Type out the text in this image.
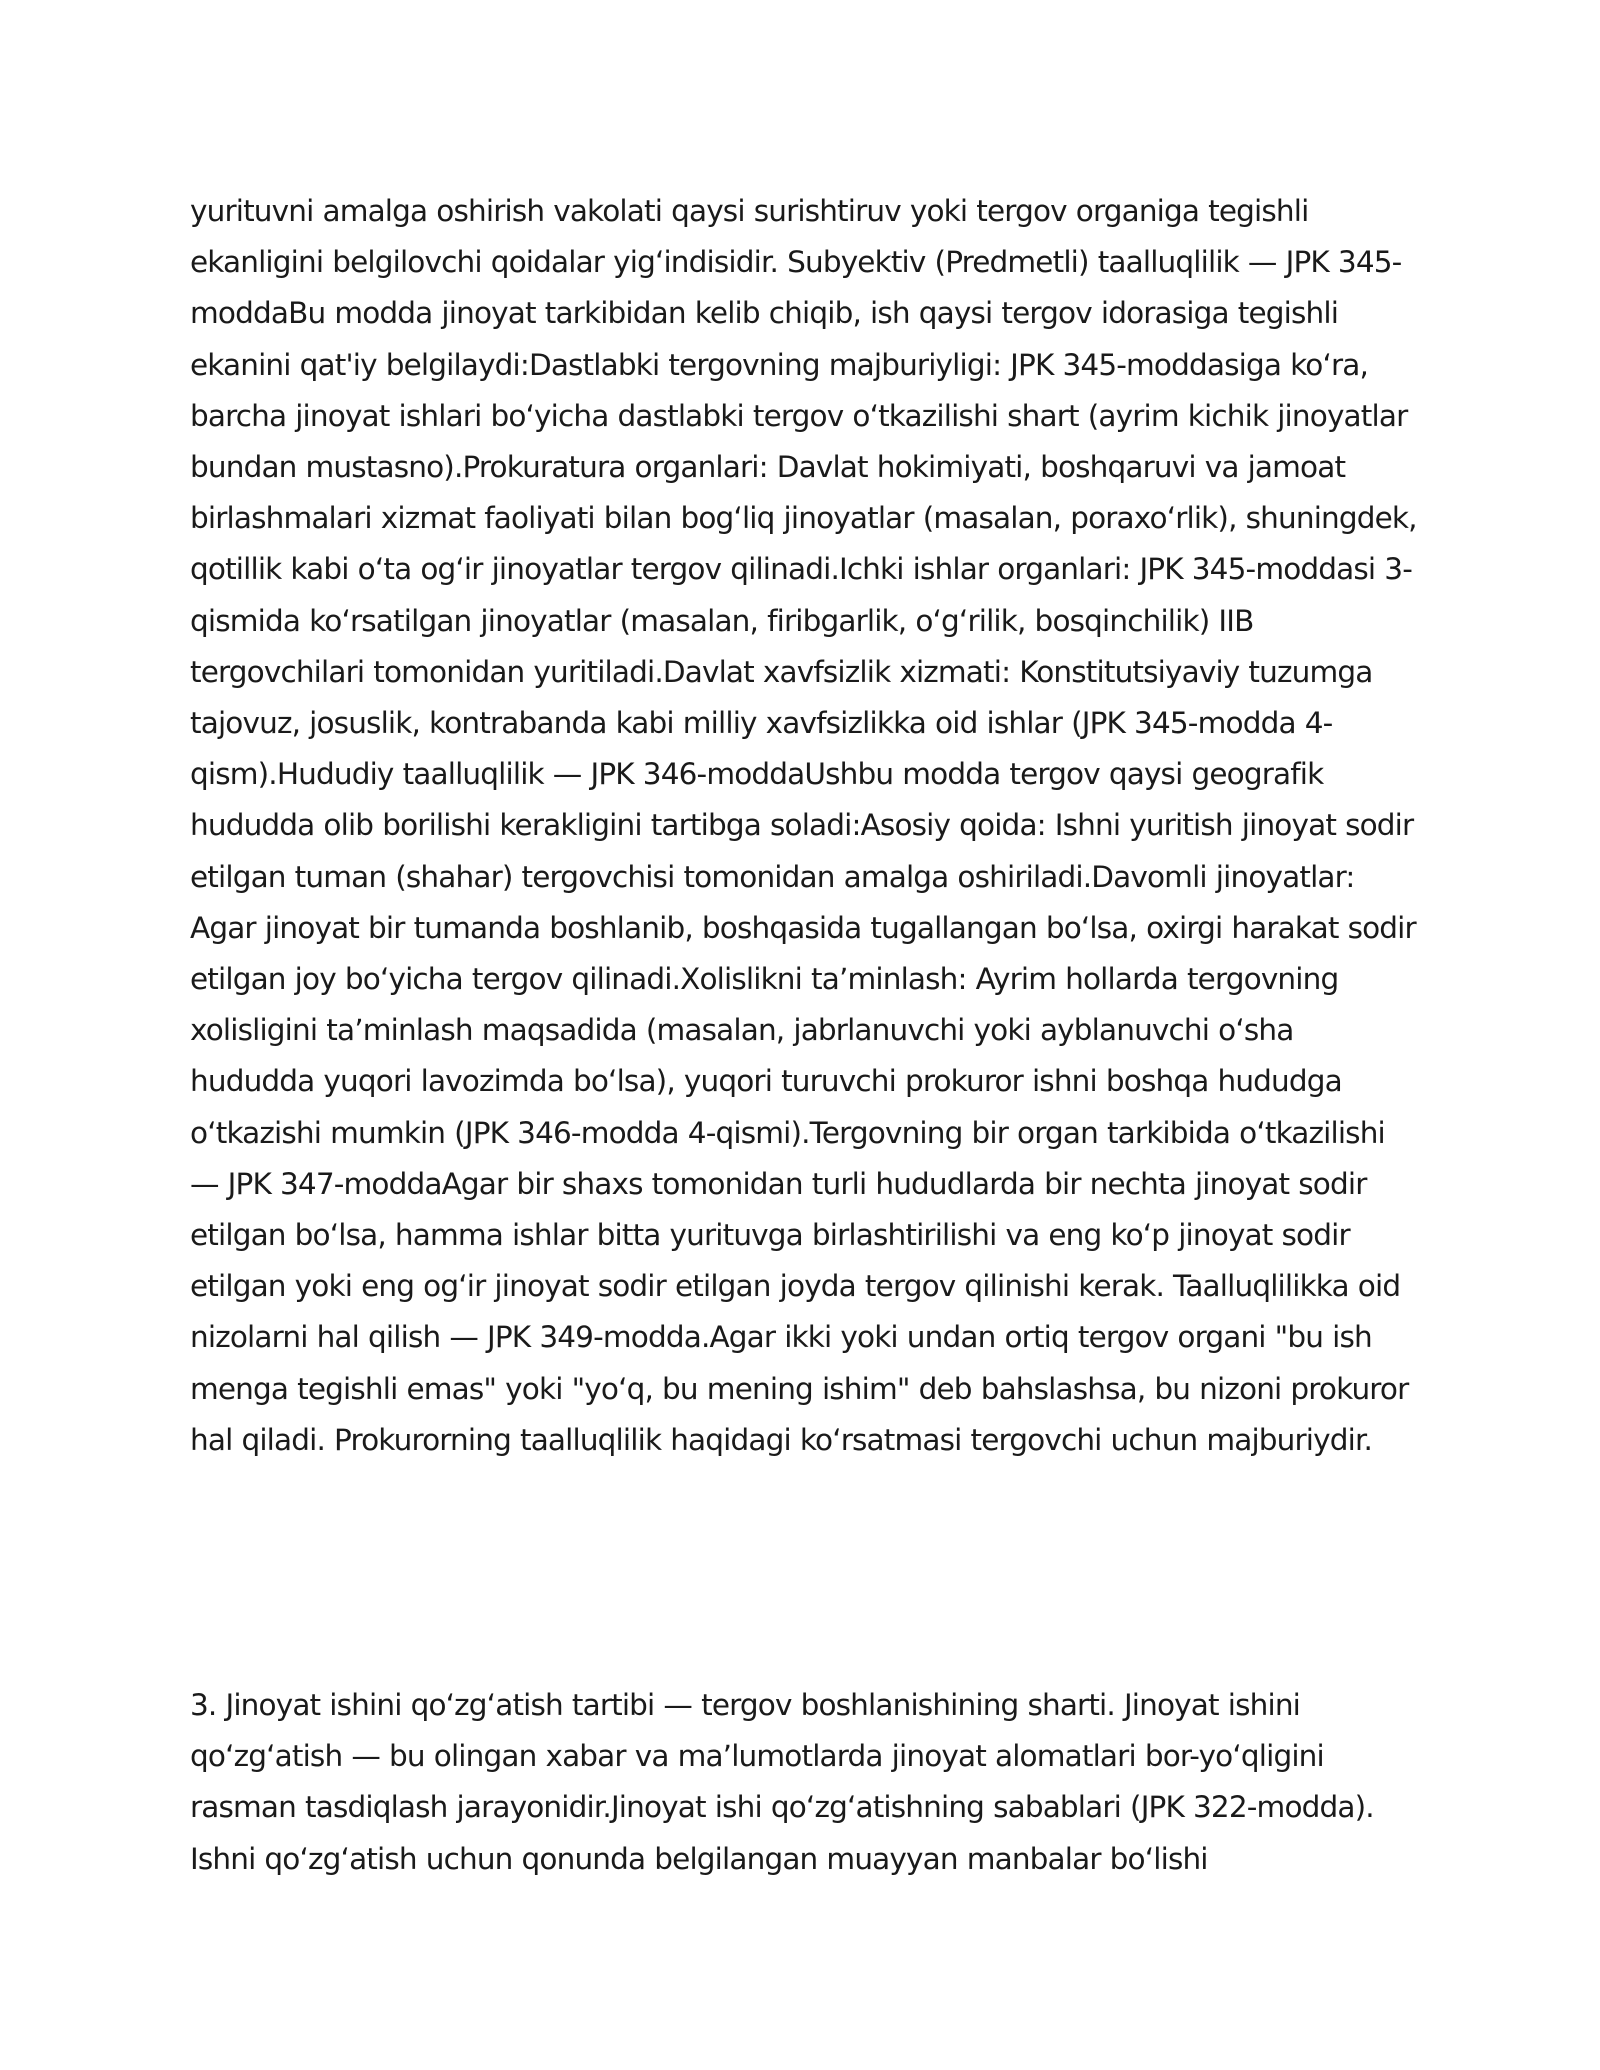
yurituvni amalga oshirish vakolati qaysi surishtiruv yoki tergov organiga tegishli ekanligini belgilovchi qoidalar yig‘indisidir. Subyektiv (Predmetli) taalluqlilik — JPK 345-moddaBu modda jinoyat tarkibidan kelib chiqib, ish qaysi tergov idorasiga tegishli ekanini qat'iy belgilaydi:Dastlabki tergovning majburiyligi: JPK 345-moddasiga ko‘ra, barcha jinoyat ishlari bo‘yicha dastlabki tergov o‘tkazilishi shart (ayrim kichik jinoyatlar bundan mustasno).Prokuratura organlari: Davlat hokimiyati, boshqaruvi va jamoat birlashmalari xizmat faoliyati bilan bog‘liq jinoyatlar (masalan, poraxo‘rlik), shuningdek, qotillik kabi o‘ta og‘ir jinoyatlar tergov qilinadi.Ichki ishlar organlari: JPK 345-moddasi 3-qismida ko‘rsatilgan jinoyatlar (masalan, firibgarlik, o‘g‘rilik, bosqinchilik) IIB tergovchilari tomonidan yuritiladi.Davlat xavfsizlik xizmati: Konstitutsiyaviy tuzumga tajovuz, josuslik, kontrabanda kabi milliy xavfsizlikka oid ishlar (JPK 345-modda 4-qism).Hududiy taalluqlilik — JPK 346-moddaUshbu modda tergov qaysi geografik hududda olib borilishi kerakligini tartibga soladi:Asosiy qoida: Ishni yuritish jinoyat sodir etilgan tuman (shahar) tergovchisi tomonidan amalga oshiriladi.Davomli jinoyatlar: Agar jinoyat bir tumanda boshlanib, boshqasida tugallangan bo‘lsa, oxirgi harakat sodir etilgan joy bo‘yicha tergov qilinadi.Xolislikni ta’minlash: Ayrim hollarda tergovning xolisligini ta’minlash maqsadida (masalan, jabrlanuvchi yoki ayblanuvchi o‘sha hududda yuqori lavozimda bo‘lsa), yuqori turuvchi prokuror ishni boshqa hududga o‘tkazishi mumkin (JPK 346-modda 4-qismi).Tergovning bir organ tarkibida o‘tkazilishi — JPK 347-moddaAgar bir shaxs tomonidan turli hududlarda bir nechta jinoyat sodir etilgan bo‘lsa, hamma ishlar bitta yurituvga birlashtirilishi va eng ko‘p jinoyat sodir etilgan yoki eng og‘ir jinoyat sodir etilgan joyda tergov qilinishi kerak. Taalluqlilikka oid nizolarni hal qilish — JPK 349-modda.Agar ikki yoki undan ortiq tergov organi "bu ish menga tegishli emas" yoki "yo‘q, bu mening ishim" deb bahslashsa, bu nizoni prokuror hal qiladi. Prokurorning taalluqlilik haqidagi ko‘rsatmasi tergovchi uchun majburiydir.

3. Jinoyat ishini qo‘zg‘atish tartibi — tergov boshlanishining sharti. Jinoyat ishini qo‘zg‘atish — bu olingan xabar va ma’lumotlarda jinoyat alomatlari bor-yo‘qligini rasman tasdiqlash jarayonidir.Jinoyat ishi qo‘zg‘atishning sabablari (JPK 322-modda). Ishni qo‘zg‘atish uchun qonunda belgilangan muayyan manbalar bo‘lishi
